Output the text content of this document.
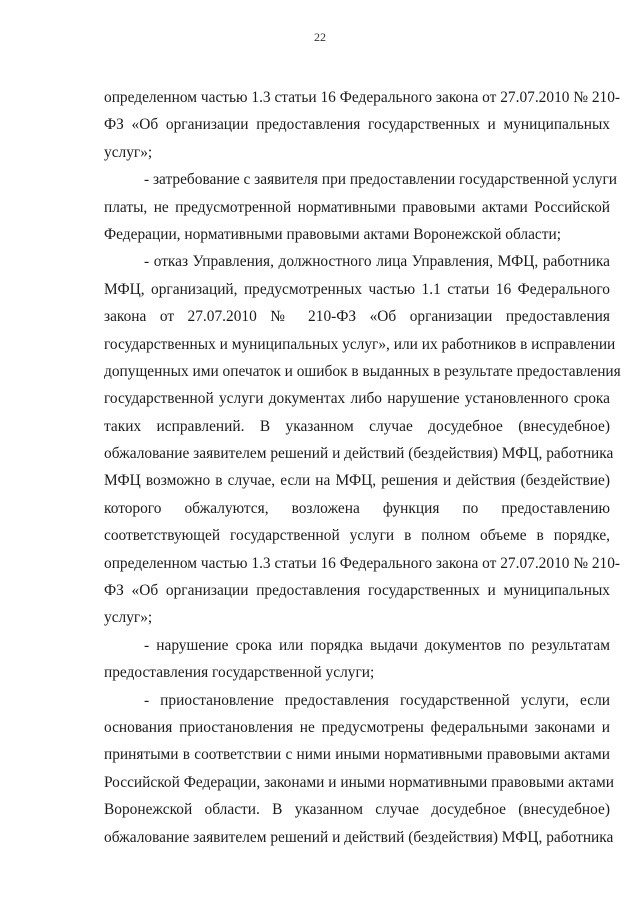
22
определенном частью 1.3 статьи 16 Федерального закона от 27.07.2010 № 210-
ФЗ «Об организации предоставления государственных и муниципальных
услуг»;
- затребование с заявителя при предоставлении государственной услуги
платы, не предусмотренной нормативными правовыми актами Российской
Федерации, нормативными правовыми актами Воронежской области;
- отказ Управления, должностного лица Управления, МФЦ, работника
МФЦ, организаций, предусмотренных частью 1.1 статьи 16 Федерального
закона от 27.07.2010 № 210-ФЗ «Об организации предоставления
государственных и муниципальных услуг», или их работников в исправлении
допущенных ими опечаток и ошибок в выданных в результате предоставления
государственной услуги документах либо нарушение установленного срока
таких исправлений. В указанном случае досудебное (внесудебное)
обжалование заявителем решений и действий (бездействия) МФЦ, работника
МФЦ возможно в случае, если на МФЦ, решения и действия (бездействие)
которого обжалуются, возложена функция по предоставлению
соответствующей государственной услуги в полном объеме в порядке,
определенном частью 1.3 статьи 16 Федерального закона от 27.07.2010 № 210-
ФЗ «Об организации предоставления государственных и муниципальных
услуг»;
- нарушение срока или порядка выдачи документов по результатам
предоставления государственной услуги;
- приостановление предоставления государственной услуги, если
основания приостановления не предусмотрены федеральными законами и
принятыми в соответствии с ними иными нормативными правовыми актами
Российской Федерации, законами и иными нормативными правовыми актами
Воронежской области. В указанном случае досудебное (внесудебное)
обжалование заявителем решений и действий (бездействия) МФЦ, работника
